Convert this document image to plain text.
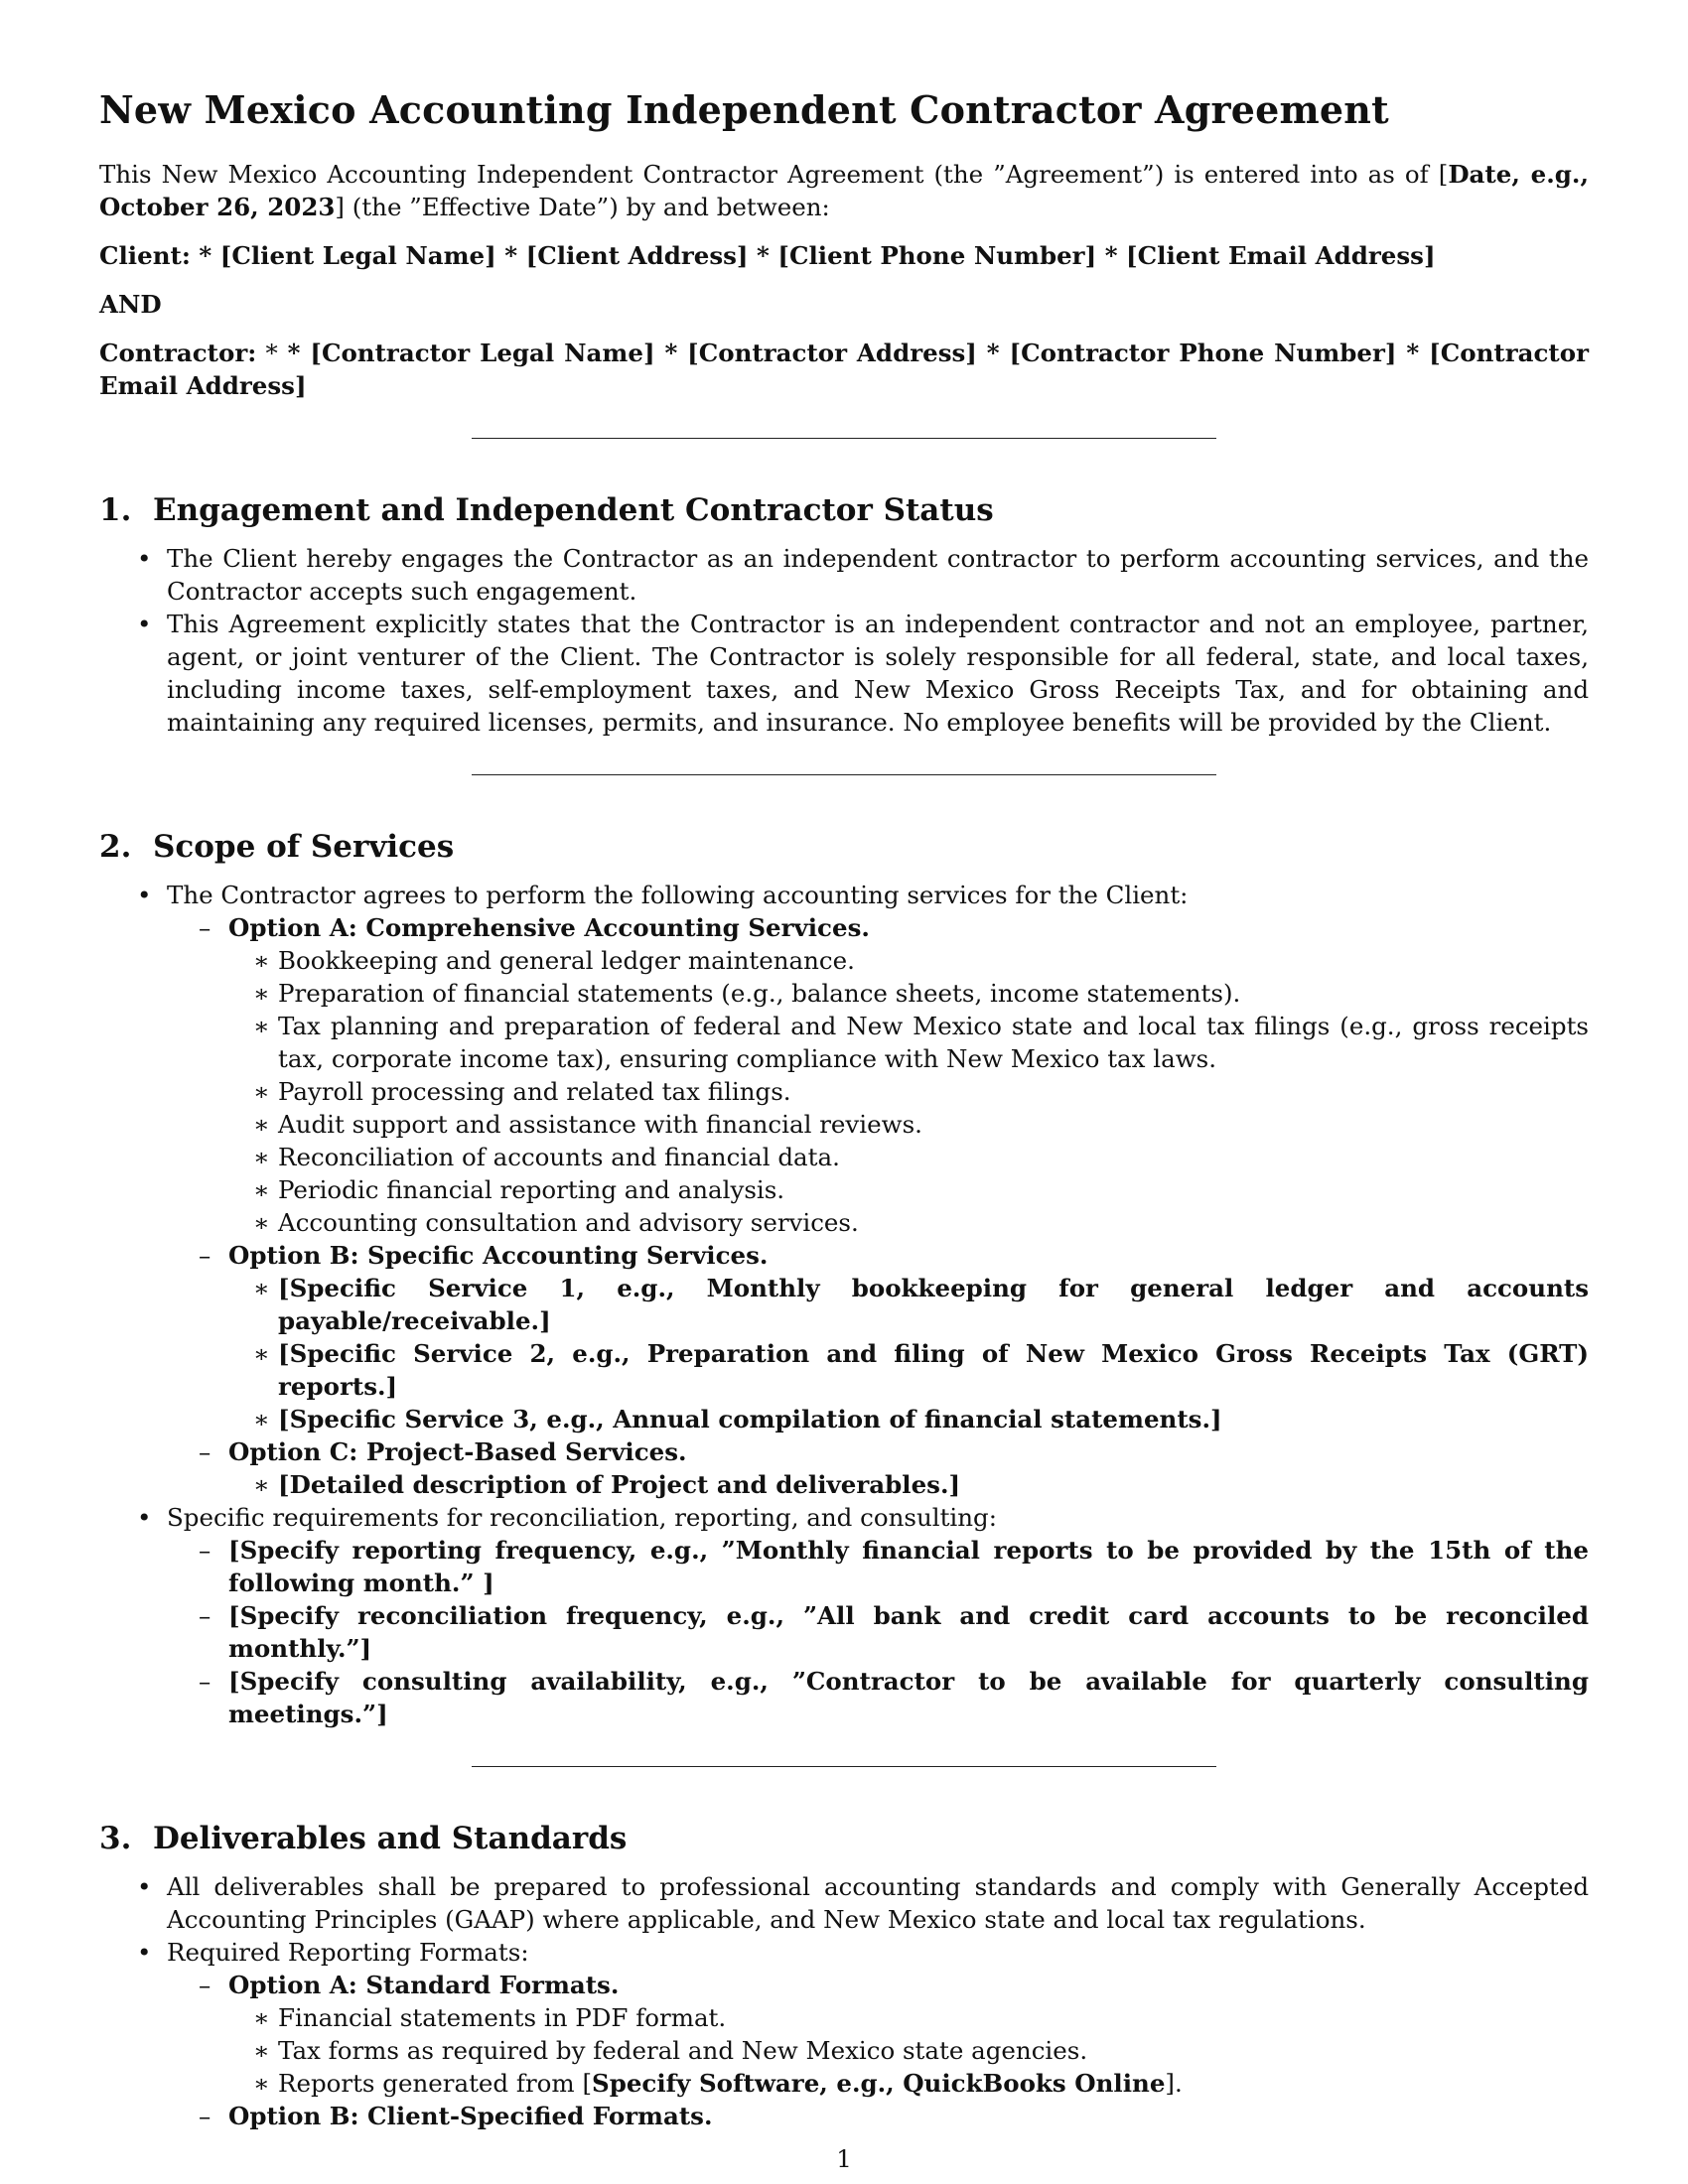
New Mexico Accounting Independent Contractor Agreement

This New Mexico Accounting Independent Contractor Agreement (the ”Agreement”) is entered into as of [Date, e.g., October 26, 2023] (the ”Effective Date”) by and between:

Client: * [Client Legal Name] * [Client Address] * [Client Phone Number] * [Client Email Address]

AND

Contractor: * * [Contractor Legal Name] * [Contractor Address] * [Contractor Phone Number] * [Contractor Email Address]

1.  Engagement and Independent Contractor Status
• The Client hereby engages the Contractor as an independent contractor to perform accounting services, and the Contractor accepts such engagement.
• This Agreement explicitly states that the Contractor is an independent contractor and not an employee, partner, agent, or joint venturer of the Client. The Contractor is solely responsible for all federal, state, and local taxes, including income taxes, self-employment taxes, and New Mexico Gross Receipts Tax, and for obtaining and maintaining any required licenses, permits, and insurance. No employee benefits will be provided by the Client.
2.  Scope of Services
• The Contractor agrees to perform the following accounting services for the Client:
– Option A: Comprehensive Accounting Services.
∗ Bookkeeping and general ledger maintenance.
∗ Preparation of financial statements (e.g., balance sheets, income statements).
∗ Tax planning and preparation of federal and New Mexico state and local tax filings (e.g., gross receipts tax, corporate income tax), ensuring compliance with New Mexico tax laws.
∗ Payroll processing and related tax filings.
∗ Audit support and assistance with financial reviews.
∗ Reconciliation of accounts and financial data.
∗ Periodic financial reporting and analysis.
∗ Accounting consultation and advisory services.
– Option B: Specific Accounting Services.
∗ [Specific Service 1, e.g., Monthly bookkeeping for general ledger and accounts payable/receivable.]
∗ [Specific Service 2, e.g., Preparation and filing of New Mexico Gross Receipts Tax (GRT) reports.]
∗ [Specific Service 3, e.g., Annual compilation of financial statements.]
– Option C: Project-Based Services.
∗ [Detailed description of Project and deliverables.]
• Specific requirements for reconciliation, reporting, and consulting:
– [Specify reporting frequency, e.g., ”Monthly financial reports to be provided by the 15th of the following month.” ]
– [Specify reconciliation frequency, e.g., ”All bank and credit card accounts to be reconciled monthly.”]
– [Specify consulting availability, e.g., ”Contractor to be available for quarterly consulting meetings.”]
3.  Deliverables and Standards
• All deliverables shall be prepared to professional accounting standards and comply with Generally Accepted Accounting Principles (GAAP) where applicable, and New Mexico state and local tax regulations.
• Required Reporting Formats:
– Option A: Standard Formats.
∗ Financial statements in PDF format.
∗ Tax forms as required by federal and New Mexico state agencies.
∗ Reports generated from [Specify Software, e.g., QuickBooks Online].
– Option B: Client-Specified Formats.
1
